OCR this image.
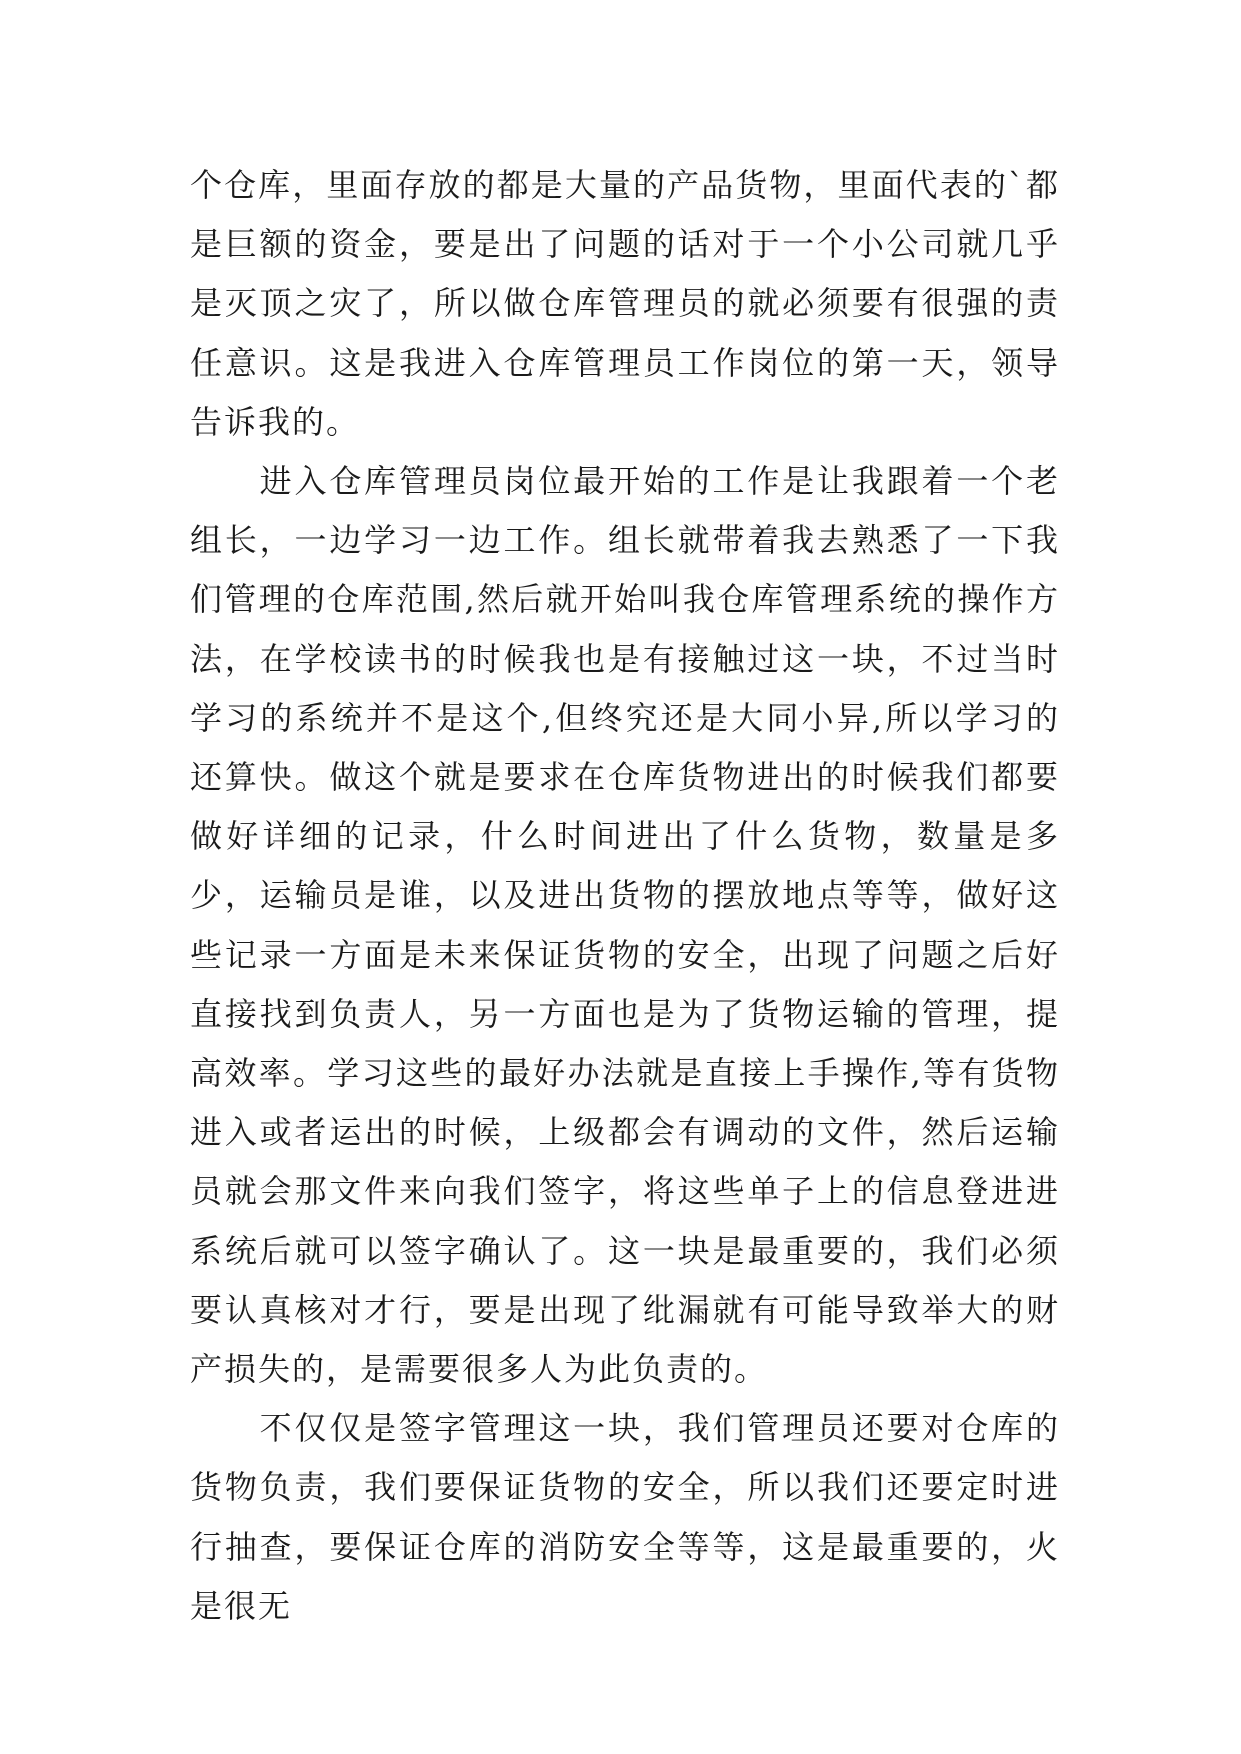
个仓库，里面存放的都是大量的产品货物，里面代表的`都是巨额的资金，要是出了问题的话对于一个小公司就几乎是灭顶之灾了，所以做仓库管理员的就必须要有很强的责任意识。这是我进入仓库管理员工作岗位的第一天，领导告诉我的。

　　进入仓库管理员岗位最开始的工作是让我跟着一个老组长，一边学习一边工作。组长就带着我去熟悉了一下我们管理的仓库范围,然后就开始叫我仓库管理系统的操作方法，在学校读书的时候我也是有接触过这一块，不过当时学习的系统并不是这个,但终究还是大同小异,所以学习的还算快。做这个就是要求在仓库货物进出的时候我们都要做好详细的记录，什么时间进出了什么货物，数量是多少，运输员是谁，以及进出货物的摆放地点等等，做好这些记录一方面是未来保证货物的安全，出现了问题之后好直接找到负责人，另一方面也是为了货物运输的管理，提高效率。学习这些的最好办法就是直接上手操作,等有货物进入或者运出的时候，上级都会有调动的文件，然后运输员就会那文件来向我们签字，将这些单子上的信息登进进系统后就可以签字确认了。这一块是最重要的，我们必须要认真核对才行，要是出现了纰漏就有可能导致举大的财产损失的，是需要很多人为此负责的。

　　不仅仅是签字管理这一块，我们管理员还要对仓库的货物负责，我们要保证货物的安全，所以我们还要定时进行抽查，要保证仓库的消防安全等等，这是最重要的，火是很无
